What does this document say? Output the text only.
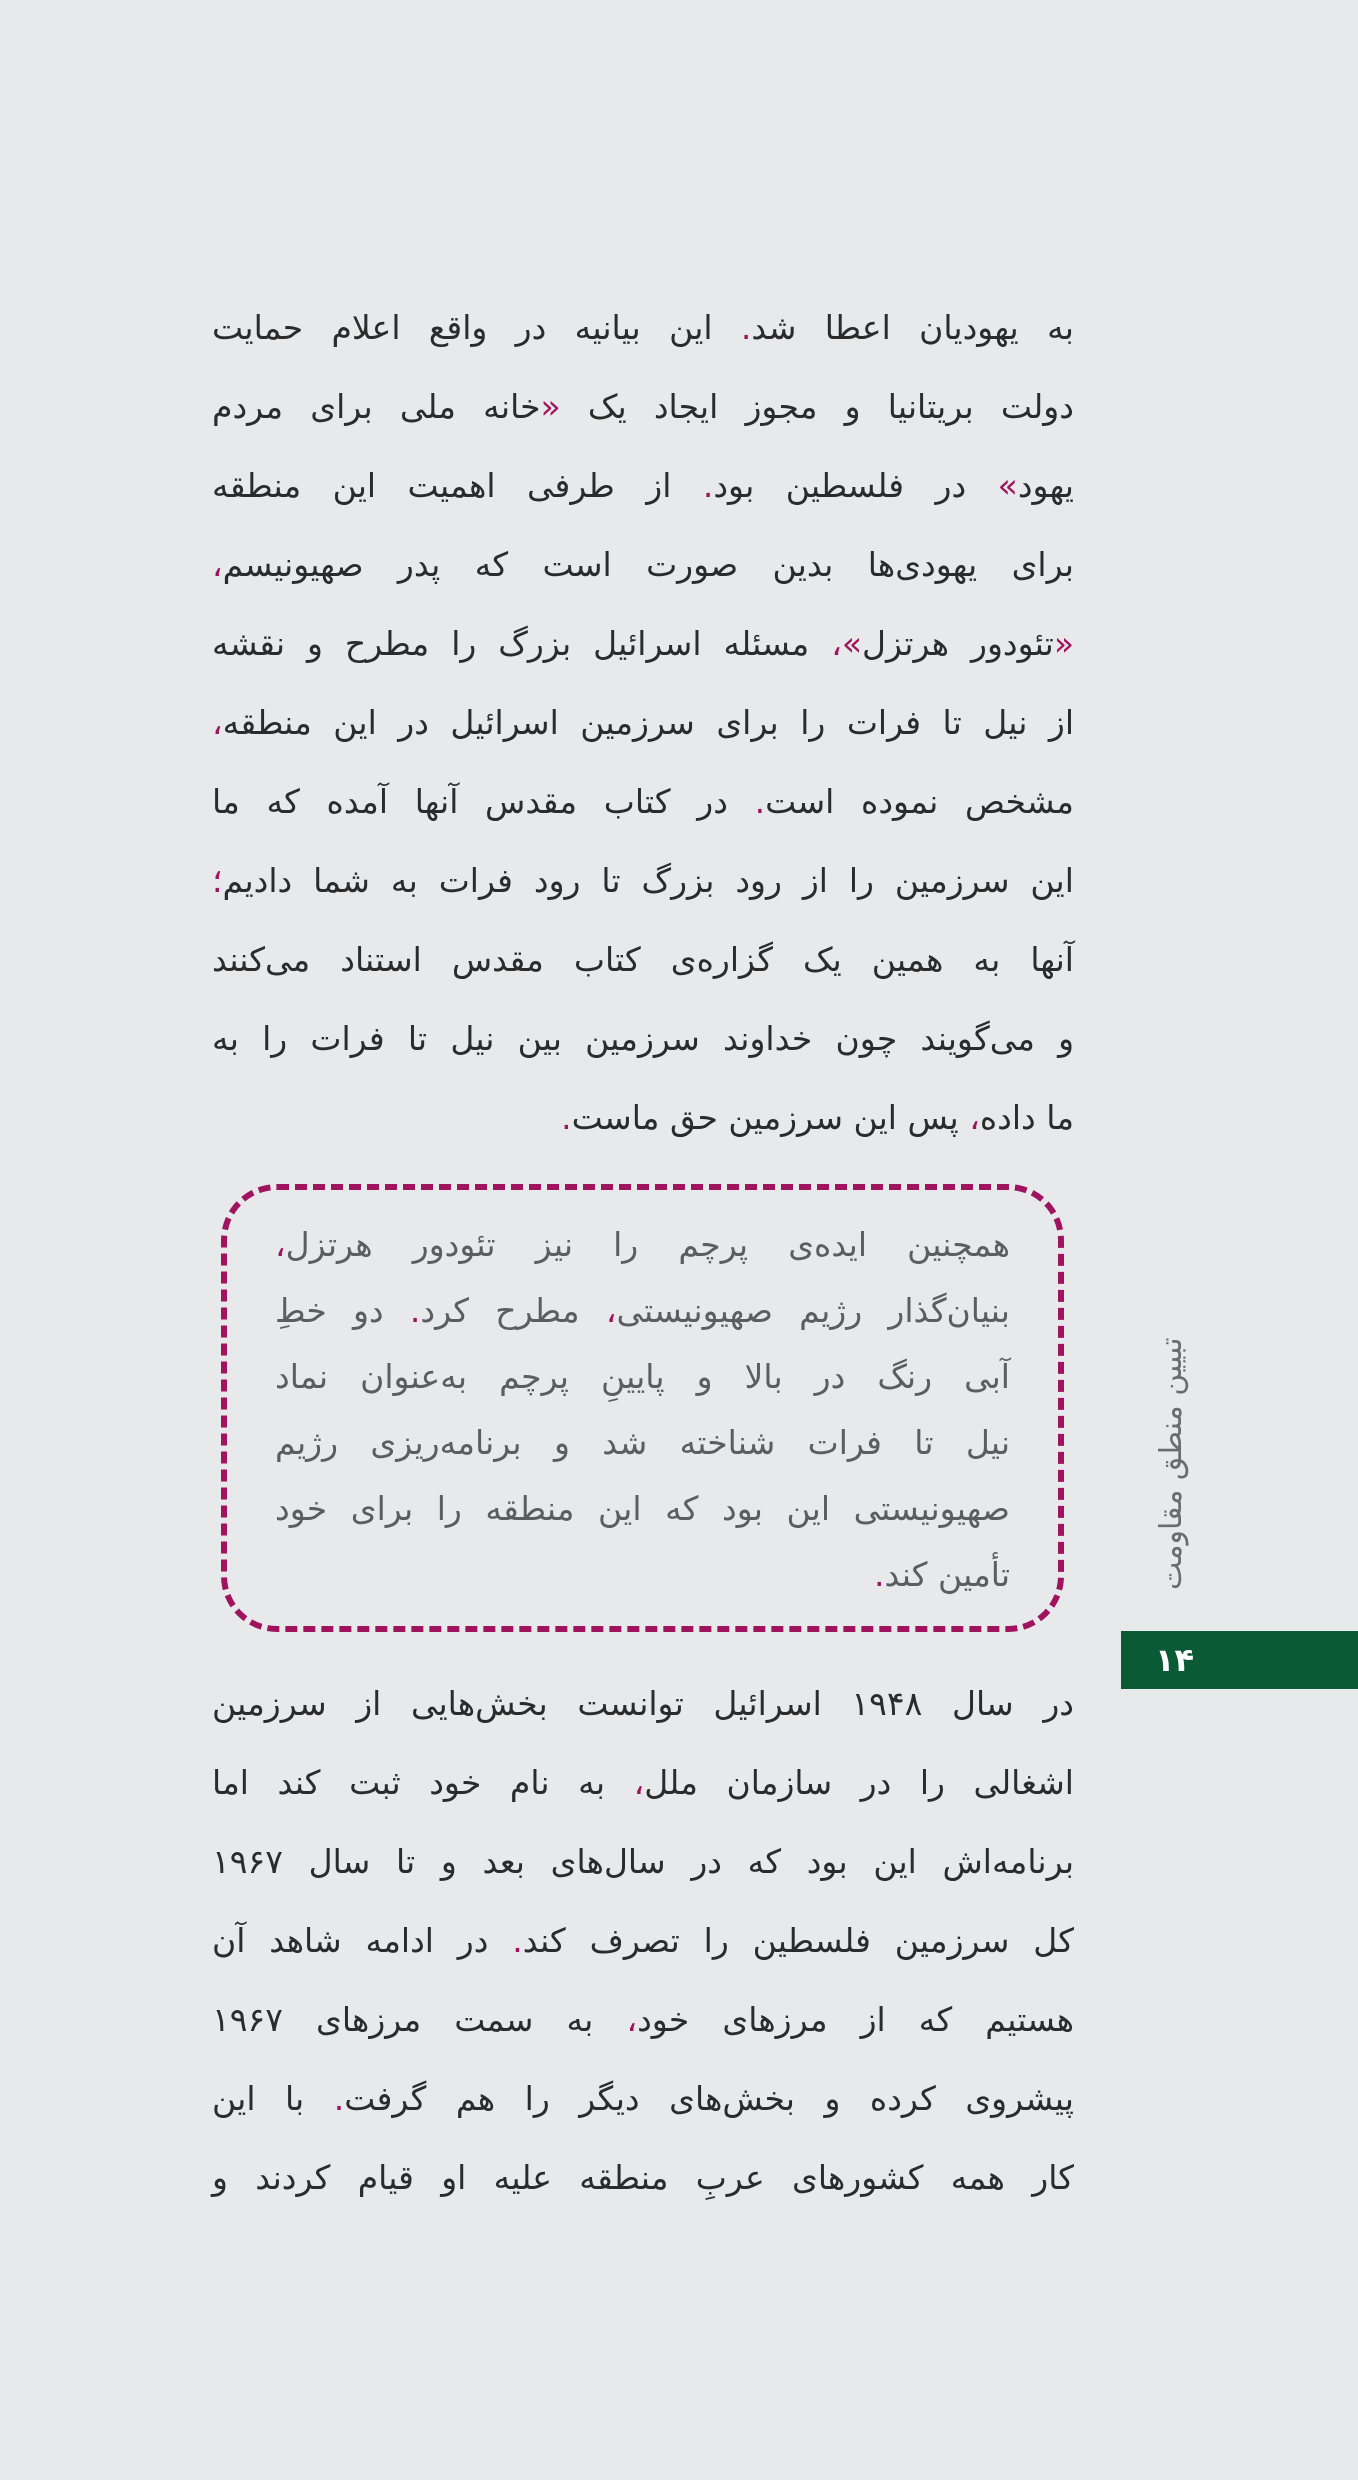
به یهودیان اعطا شد. این بیانیه در واقع اعلم حمایت
دولت بریتانیا و مجوز ایجاد یک «خانه ملی برای مردم
یهود» در فلسطین بود. از طرفی اهمیت این منطقه
برای یهودیها بدین صورت است که پدر صهیونیسم،
«تئودور هرتزل»، مسئله اسرائیل بزرگ را مطرح و نقشه
از نیل تا فرات را برای سرزمین اسرائیل در این منطقه،
مشخص نموده است. در کتاب مقدس آنها آمده که ما
این سرزمین را از رود بزرگ تا رود فرات به شما دادیم؛
آنها به همین یک گزارهی کتاب مقدس استناد میکنند
و میگویند چون خداوند سرزمین بین نیل تا فرات را به
ما داده، پس این سرزمین حق ماست.
همچنین ایدهی پرچم را نیز تئودور هرتزل،
بنیانگذار رژیم صهیونیستی، مطرح کرد. دو خط
آبی رنگ در بال و پایین پرچم بهعنوان نماد
نیل تا فرات شناخته شد و برنامهریزی رژیم
صهیونیستی این بود که این منطقه را برای خود
تأمین کند.
در سال ۱۹۴۸ اسرائیل توانست بخشهایی از سرزمین
اشغالی را در سازمان ملل، به نام خود ثبت کند اما
برنامهاش این بود که در سالهای بعد و تا سال ۱۹۶۷
کل سرزمین فلسطین را تصرف کند. در ادامه شاهد آن
هستیم که از مرزهای خود، به سمت مرزهای ۱۹۶۷
پیشروی کرده و بخشهای دیگر را هم گرفت. با این
کار همه کشورهای عرب منطقه علیه او قیام کردند و
تبیین منطق مقاومت
۱۴
